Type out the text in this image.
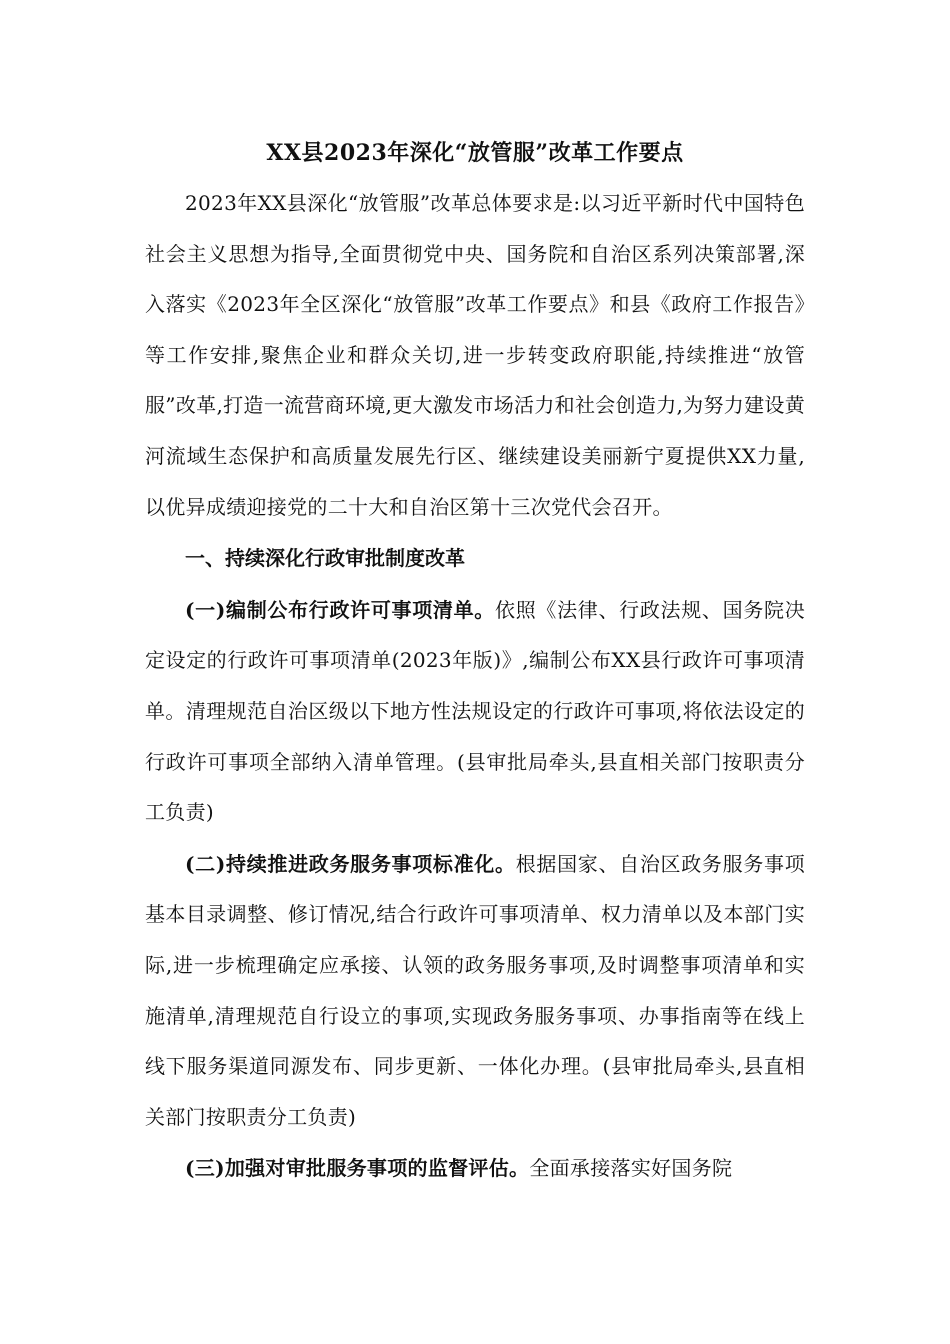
XX县2023年深化“放管服”改革工作要点

2023年XX县深化“放管服”改革总体要求是:以习近平新时代中国特色社会主义思想为指导,全面贯彻党中央、国务院和自治区系列决策部署,深入落实《2023年全区深化“放管服”改革工作要点》和县《政府工作报告》等工作安排,聚焦企业和群众关切,进一步转变政府职能,持续推进“放管服”改革,打造一流营商环境,更大激发市场活力和社会创造力,为努力建设黄河流域生态保护和高质量发展先行区、继续建设美丽新宁夏提供XX力量,以优异成绩迎接党的二十大和自治区第十三次党代会召开。

一、持续深化行政审批制度改革

(一)编制公布行政许可事项清单。依照《法律、行政法规、国务院决定设定的行政许可事项清单(2023年版)》,编制公布XX县行政许可事项清单。清理规范自治区级以下地方性法规设定的行政许可事项,将依法设定的行政许可事项全部纳入清单管理。(县审批局牵头,县直相关部门按职责分工负责)

(二)持续推进政务服务事项标准化。根据国家、自治区政务服务事项基本目录调整、修订情况,结合行政许可事项清单、权力清单以及本部门实际,进一步梳理确定应承接、认领的政务服务事项,及时调整事项清单和实施清单,清理规范自行设立的事项,实现政务服务事项、办事指南等在线上线下服务渠道同源发布、同步更新、一体化办理。(县审批局牵头,县直相关部门按职责分工负责)

(三)加强对审批服务事项的监督评估。全面承接落实好国务院
